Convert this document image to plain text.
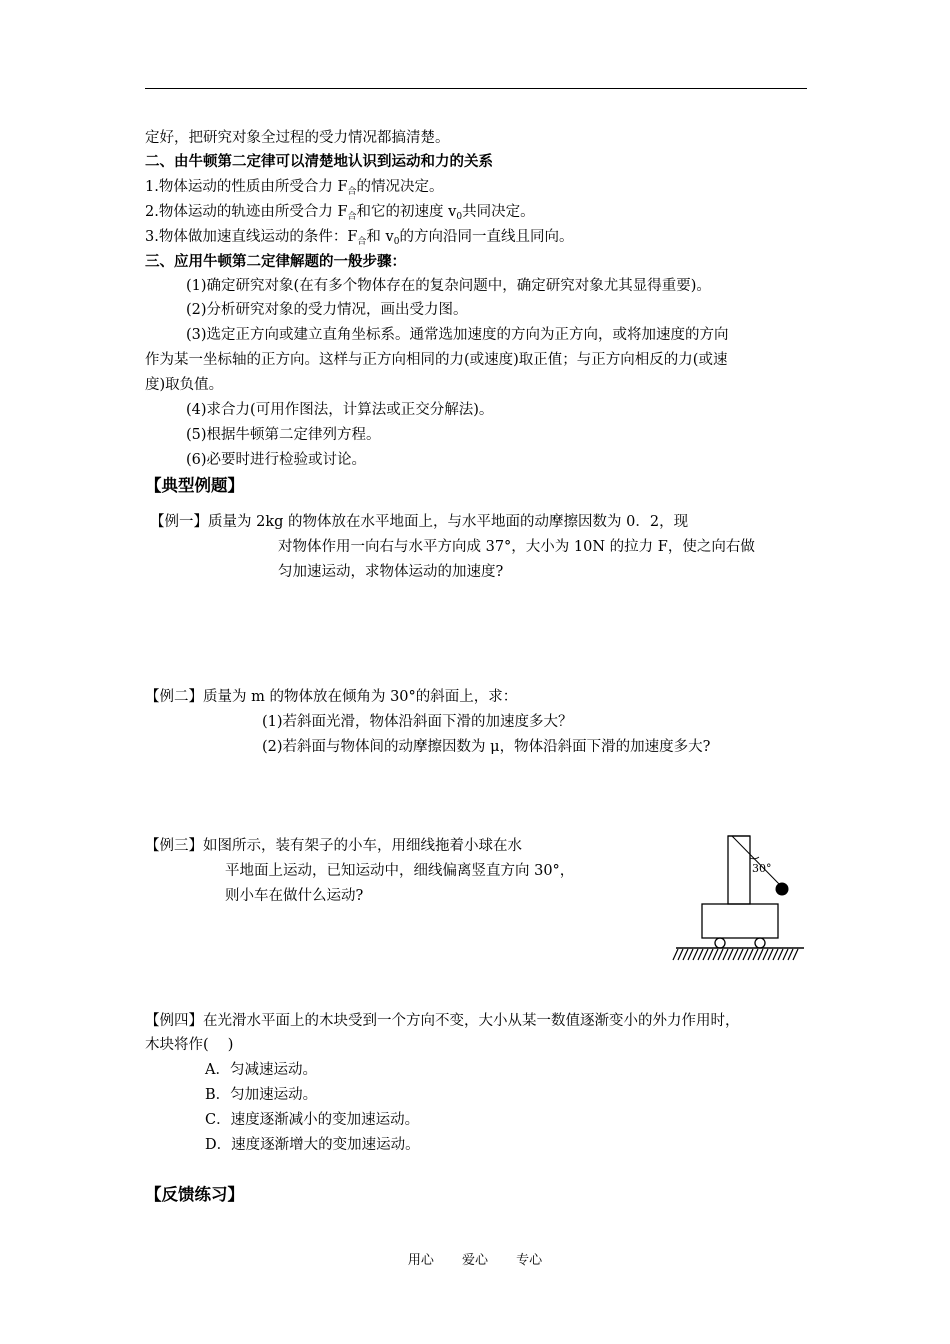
定好，把研究对象全过程的受力情况都搞清楚。
二、由牛顿第二定律可以清楚地认识到运动和力的关系
1.物体运动的性质由所受合力 $F_合$的情况决定。
2.物体运动的轨迹由所受合力 $F_合$和它的初速度 $v_0$共同决定。
3.物体做加速直线运动的条件：$F_合$和 $v_0$的方向沿同一直线且同向。
三、应用牛顿第二定律解题的一般步骤：
(1)确定研究对象(在有多个物体存在的复杂问题中，确定研究对象尤其显得重要)。
(2)分析研究对象的受力情况，画出受力图。
(3)选定正方向或建立直角坐标系。通常选加速度的方向为正方向，或将加速度的方向
作为某一坐标轴的正方向。这样与正方向相同的力(或速度)取正值；与正方向相反的力(或速
度)取负值。
(4)求合力(可用作图法，计算法或正交分解法)。
(5)根据牛顿第二定律列方程。
(6)必要时进行检验或讨论。
【典型例题】
【例一】质量为 2kg 的物体放在水平地面上，与水平地面的动摩擦因数为 0．2，现
对物体作用一向右与水平方向成 37°，大小为 10N 的拉力 F，使之向右做
匀加速运动，求物体运动的加速度?
【例二】质量为 m 的物体放在倾角为 30°的斜面上，求：
(1)若斜面光滑，物体沿斜面下滑的加速度多大？
(2)若斜面与物体间的动摩擦因数为 μ，物体沿斜面下滑的加速度多大?
【例三】如图所示，装有架子的小车，用细线拖着小球在水
平地面上运动，已知运动中，细线偏离竖直方向 30°，
则小车在做什么运动?
30°
【例四】在光滑水平面上的木块受到一个方向不变，大小从某一数值逐渐变小的外力作用时，
木块将作(　 )
A．匀减速运动。
B．匀加速运动。
C．速度逐渐减小的变加速运动。
D．速度逐渐增大的变加速运动。
【反馈练习】
用心 爱心 专心
